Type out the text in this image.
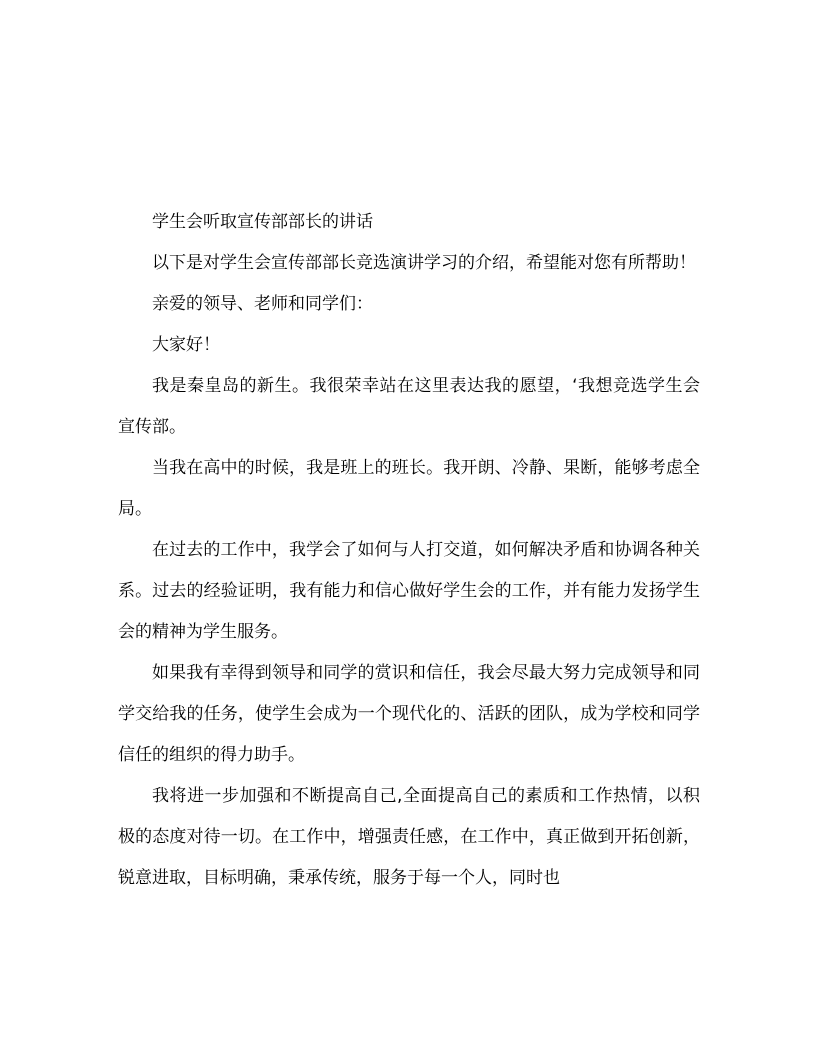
学生会听取宣传部部长的讲话

以下是对学生会宣传部部长竞选演讲学习的介绍，希望能对您有所帮助！

亲爱的领导、老师和同学们：

大家好！

我是秦皇岛的新生。我很荣幸站在这里表达我的愿望，‘我想竞选学生会宣传部。

当我在高中的时候，我是班上的班长。我开朗、冷静、果断，能够考虑全局。

在过去的工作中，我学会了如何与人打交道，如何解决矛盾和协调各种关系。过去的经验证明，我有能力和信心做好学生会的工作，并有能力发扬学生会的精神为学生服务。

如果我有幸得到领导和同学的赏识和信任，我会尽最大努力完成领导和同学交给我的任务，使学生会成为一个现代化的、活跃的团队，成为学校和同学信任的组织的得力助手。

我将进一步加强和不断提高自己,全面提高自己的素质和工作热情，以积极的态度对待一切。在工作中，增强责任感，在工作中，真正做到开拓创新，锐意进取，目标明确，秉承传统，服务于每一个人，同时也
